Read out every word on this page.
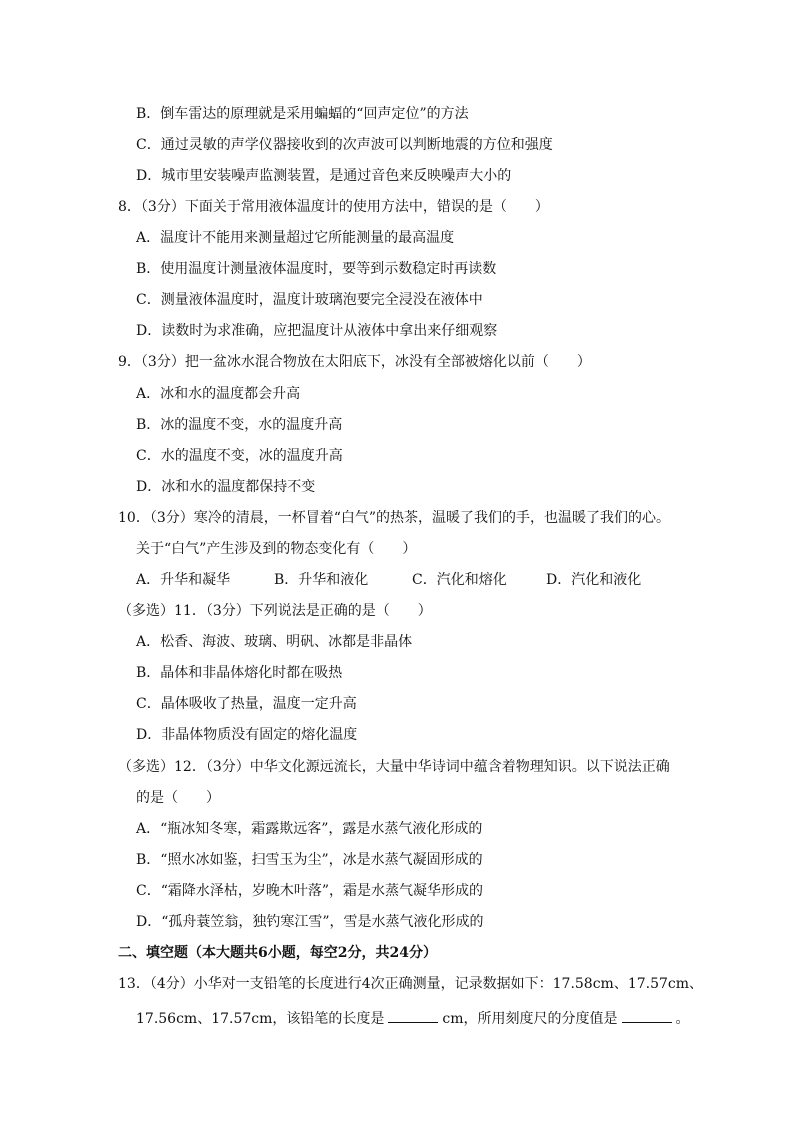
B．倒车雷达的原理就是采用蝙蝠的“回声定位”的方法
C．通过灵敏的声学仪器接收到的次声波可以判断地震的方位和强度
D．城市里安装噪声监测装置，是通过音色来反映噪声大小的
8．（3分）下面关于常用液体温度计的使用方法中，错误的是（　　）
A．温度计不能用来测量超过它所能测量的最高温度
B．使用温度计测量液体温度时，要等到示数稳定时再读数
C．测量液体温度时，温度计玻璃泡要完全浸没在液体中
D．读数时为求准确，应把温度计从液体中拿出来仔细观察
9．（3分）把一盆冰水混合物放在太阳底下，冰没有全部被熔化以前（　　）
A．冰和水的温度都会升高
B．冰的温度不变，水的温度升高
C．水的温度不变，冰的温度升高
D．冰和水的温度都保持不变
10．（3分）寒冷的清晨，一杯冒着“白气”的热茶，温暖了我们的手，也温暖了我们的心。
关于“白气”产生涉及到的物态变化有（　　）
A．升华和凝华	B．升华和液化	C．汽化和熔化	D．汽化和液化
（多选）11．（3分）下列说法是正确的是（　　）
A．松香、海波、玻璃、明矾、冰都是非晶体
B．晶体和非晶体熔化时都在吸热
C．晶体吸收了热量，温度一定升高
D．非晶体物质没有固定的熔化温度
（多选）12．（3分）中华文化源远流长，大量中华诗词中蕴含着物理知识。以下说法正确
的是（　　）
A．“瓶冰知冬寒，霜露欺远客”，露是水蒸气液化形成的
B．“照水冰如鉴，扫雪玉为尘”，冰是水蒸气凝固形成的
C．“霜降水泽枯，岁晚木叶落”，霜是水蒸气凝华形成的
D．“孤舟蓑笠翁，独钓寒江雪”，雪是水蒸气液化形成的
二、填空题（本大题共6小题，每空2分，共24分）
13．（4分）小华对一支铅笔的长度进行4次正确测量，记录数据如下：17.58cm、17.57cm、
17.56cm、17.57cm，该铅笔的长度是	cm，所用刻度尺的分度值是	。
